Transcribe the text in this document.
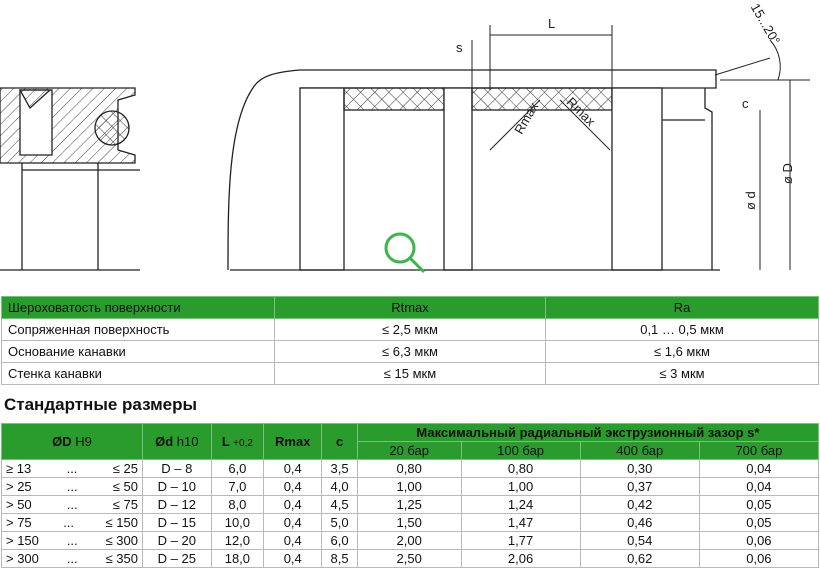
L
s
15...20°
c
Rmax Rmax
ø D
ø d
Шероховатость поверхности	Rtmax	Ra
Сопряженная поверхность	≤ 2,5 мкм	0,1 … 0,5 мкм
Основание канавки	≤ 6,3 мкм	≤ 1,6 мкм
Стенка канавки	≤ 15 мкм	≤ 3 мкм
Стандартные размеры
ØD H9	Ød h10	L +0,2	Rmax	c	Максимальный радиальный экструзионный зазор s*			
					20 бар	100 бар	400 бар	700 бар

≥ 13 ... ≤ 25	D – 8	6,0	0,4	3,5	0,80	0,80	0,30	0,04

> 25 ... ≤ 50	D – 10	7,0	0,4	4,0	1,00	1,00	0,37	0,04

> 50 ... ≤ 75	D – 12	8,0	0,4	4,5	1,25	1,24	0,42	0,05

> 75 ... ≤ 150	D – 15	10,0	0,4	5,0	1,50	1,47	0,46	0,05

> 150 ... ≤ 300	D – 20	12,0	0,4	6,0	2,00	1,77	0,54	0,06

> 300 ... ≤ 350	D – 25	18,0	0,4	8,5	2,50	2,06	0,62	0,06
